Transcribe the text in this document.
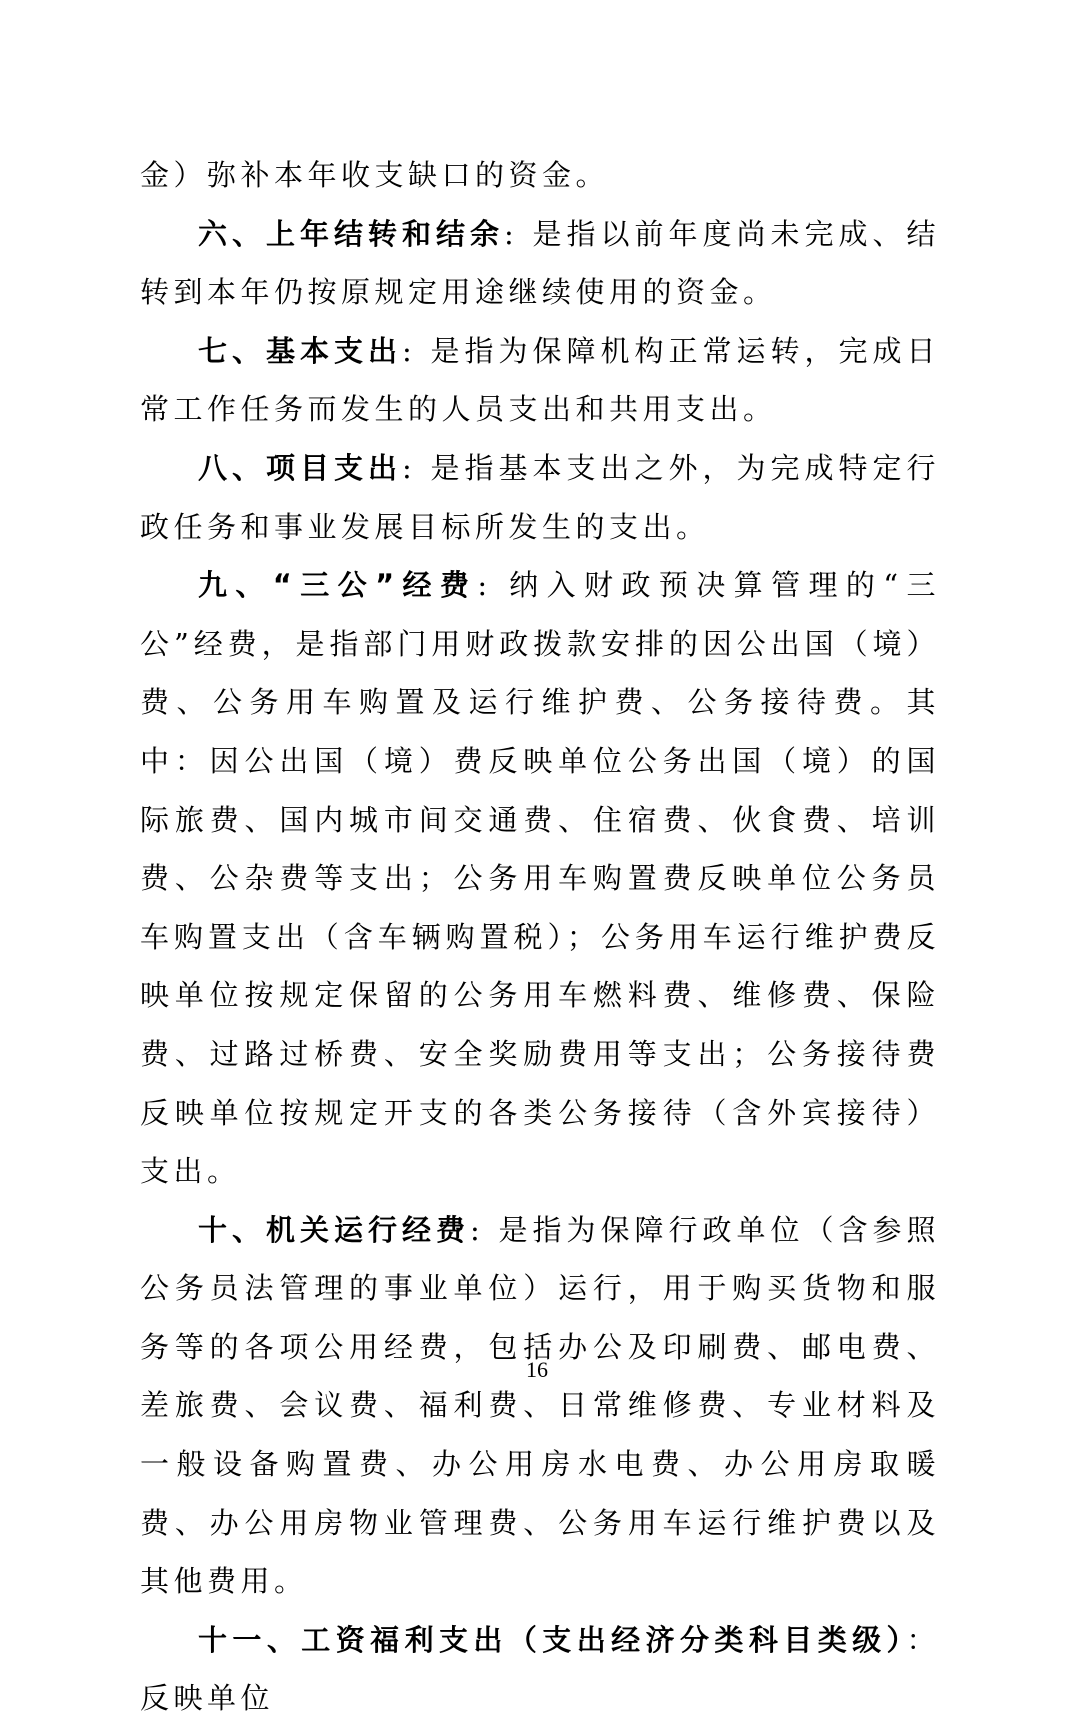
金）弥补本年收支缺口的资金。

六、上年结转和结余: 是指以前年度尚未完成、结转到本年仍按原规定用途继续使用的资金。

七、基本支出: 是指为保障机构正常运转，完成日常工作任务而发生的人员支出和共用支出。

八、项目支出: 是指基本支出之外，为完成特定行政任务和事业发展目标所发生的支出。

九、“三公”经费: 纳入财政预决算管理的“三公”经费，是指部门用财政拨款安排的因公出国（境）费、公务用车购置及运行维护费、公务接待费。其中：因公出国（境）费反映单位公务出国（境）的国际旅费、国内城市间交通费、住宿费、伙食费、培训费、公杂费等支出；公务用车购置费反映单位公务员车购置支出（含车辆购置税）；公务用车运行维护费反映单位按规定保留的公务用车燃料费、维修费、保险费、过路过桥费、安全奖励费用等支出；公务接待费反映单位按规定开支的各类公务接待（含外宾接待）支出。

十、机关运行经费: 是指为保障行政单位（含参照公务员法管理的事业单位）运行，用于购买货物和服务等的各项公用经费，包括办公及印刷费、邮电费、差旅费、会议费、福利费、日常维修费、专业材料及一般设备购置费、办公用房水电费、办公用房取暖费、办公用房物业管理费、公务用车运行维护费以及其他费用。

十一、工资福利支出（支出经济分类科目类级）：反映单位

16
